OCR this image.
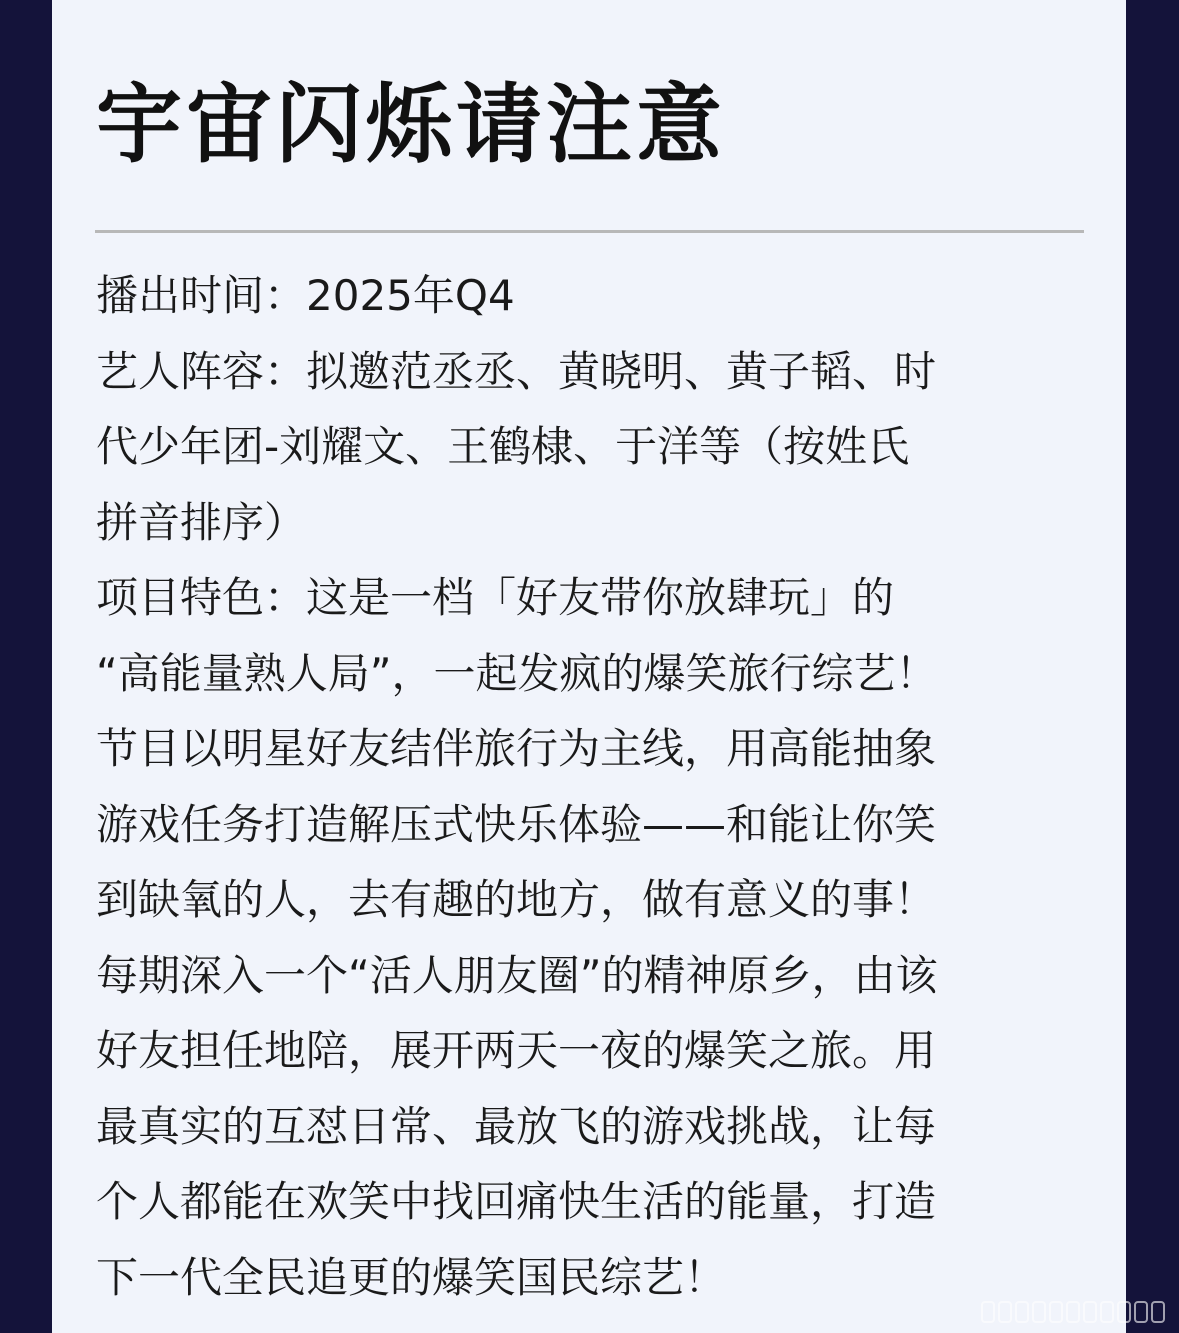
宇宙闪烁请注意
播出时间：2025年Q4
艺人阵容：拟邀范丞丞、黄晓明、黄子韬、时
代少年团-刘耀文、王鹤棣、于洋等（按姓氏
拼音排序）
项目特色：这是一档「好友带你放肆玩」的
“高能量熟人局”，一起发疯的爆笑旅行综艺！
节目以明星好友结伴旅行为主线，用高能抽象
游戏任务打造解压式快乐体验——和能让你笑
到缺氧的人，去有趣的地方，做有意义的事！
每期深入一个“活人朋友圈”的精神原乡，由该
好友担任地陪，展开两天一夜的爆笑之旅。用
最真实的互怼日常、最放飞的游戏挑战，让每
个人都能在欢笑中找回痛快生活的能量，打造
下一代全民追更的爆笑国民综艺！
